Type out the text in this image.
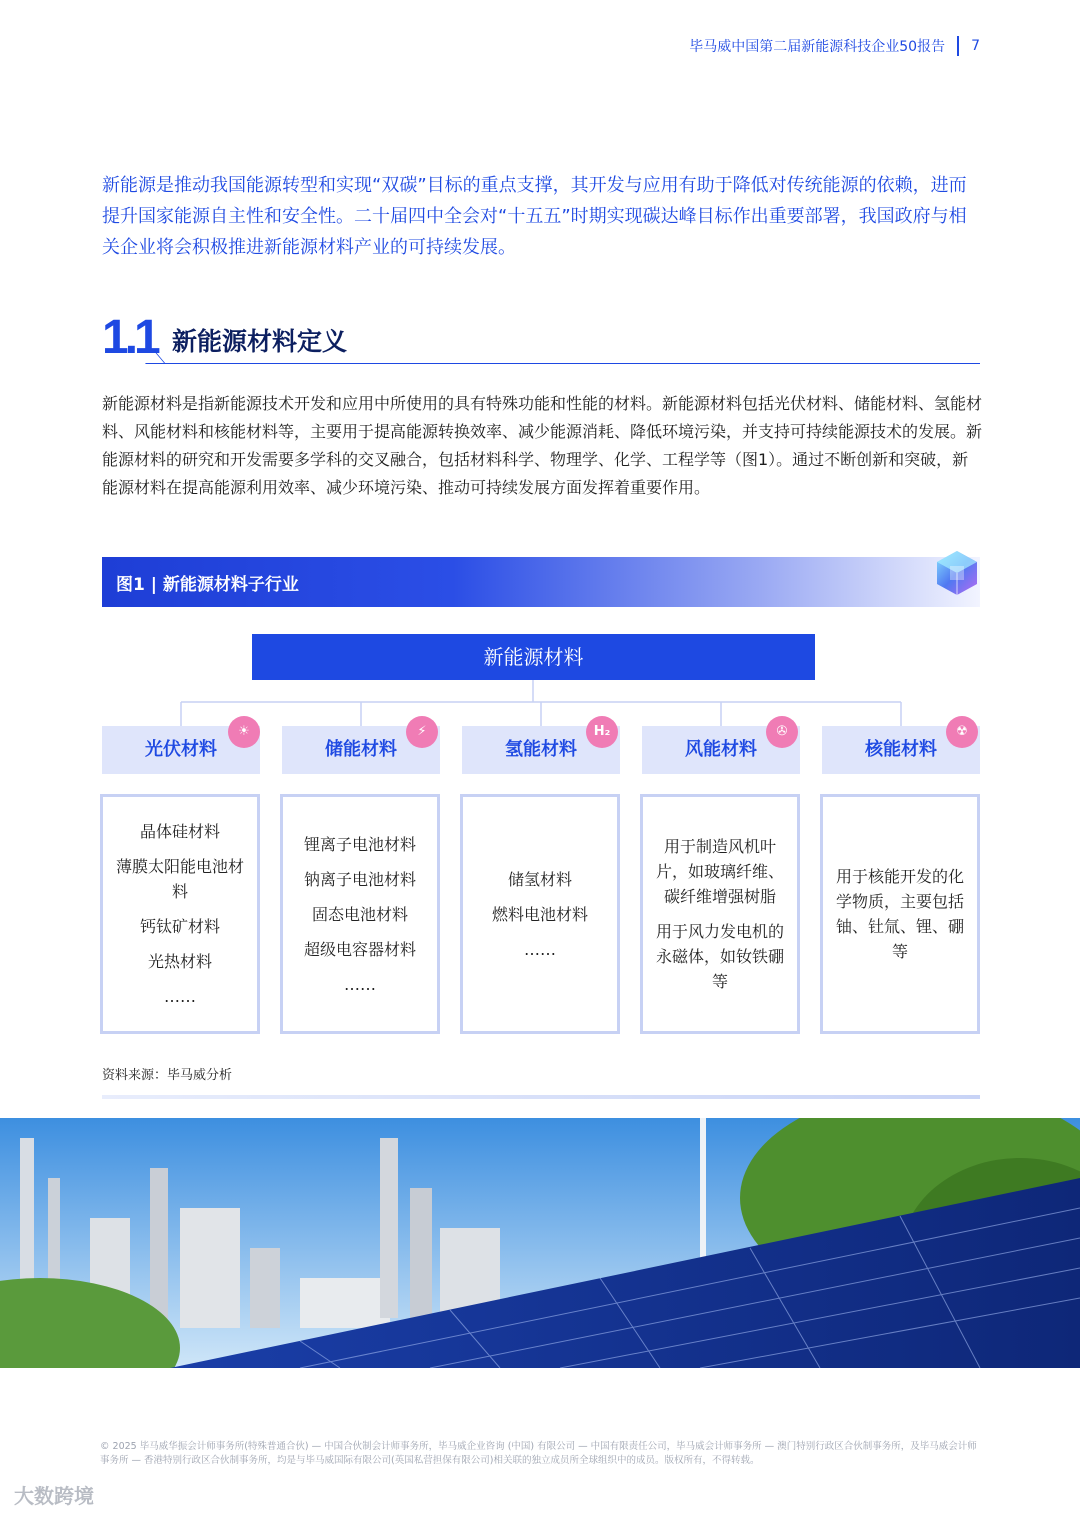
毕马威中国第二届新能源科技企业50报告 7

新能源是推动我国能源转型和实现“双碳”目标的重点支撑，其开发与应用有助于降低对传统能源的依赖，进而提升国家能源自主性和安全性。二十届四中全会对“十五五”时期实现碳达峰目标作出重要部署，我国政府与相关企业将会积极推进新能源材料产业的可持续发展。

1.1 新能源材料定义

新能源材料是指新能源技术开发和应用中所使用的具有特殊功能和性能的材料。新能源材料包括光伏材料、储能材料、氢能材料、风能材料和核能材料等，主要用于提高能源转换效率、减少能源消耗、降低环境污染，并支持可持续能源技术的发展。新能源材料的研究和开发需要多学科的交叉融合，包括材料科学、物理学、化学、工程学等（图1）。通过不断创新和突破，新能源材料在提高能源利用效率、减少环境污染、推动可持续发展方面发挥着重要作用。

图1 | 新能源材料子行业
新能源材料
光伏材料
☀
储能材料
⚡
氢能材料
H₂
风能材料
✇
核能材料
☢
晶体硅材料
薄膜太阳能电池材料
钙钛矿材料
光热材料
……
锂离子电池材料
钠离子电池材料
固态电池材料
超级电容器材料
……
储氢材料
燃料电池材料
……
用于制造风机叶片，如玻璃纤维、碳纤维增强树脂
用于风力发电机的永磁体，如钕铁硼等
用于核能开发的化学物质，主要包括铀、钍氚、锂、硼等
资料来源：毕马威分析

© 2025 毕马威华振会计师事务所(特殊普通合伙) — 中国合伙制会计师事务所，毕马威企业咨询 (中国) 有限公司 — 中国有限责任公司，毕马威会计师事务所 — 澳门特别行政区合伙制事务所，及毕马威会计师事务所 — 香港特别行政区合伙制事务所，均是与毕马威国际有限公司(英国私营担保有限公司)相关联的独立成员所全球组织中的成员。版权所有，不得转载。

大数跨境
